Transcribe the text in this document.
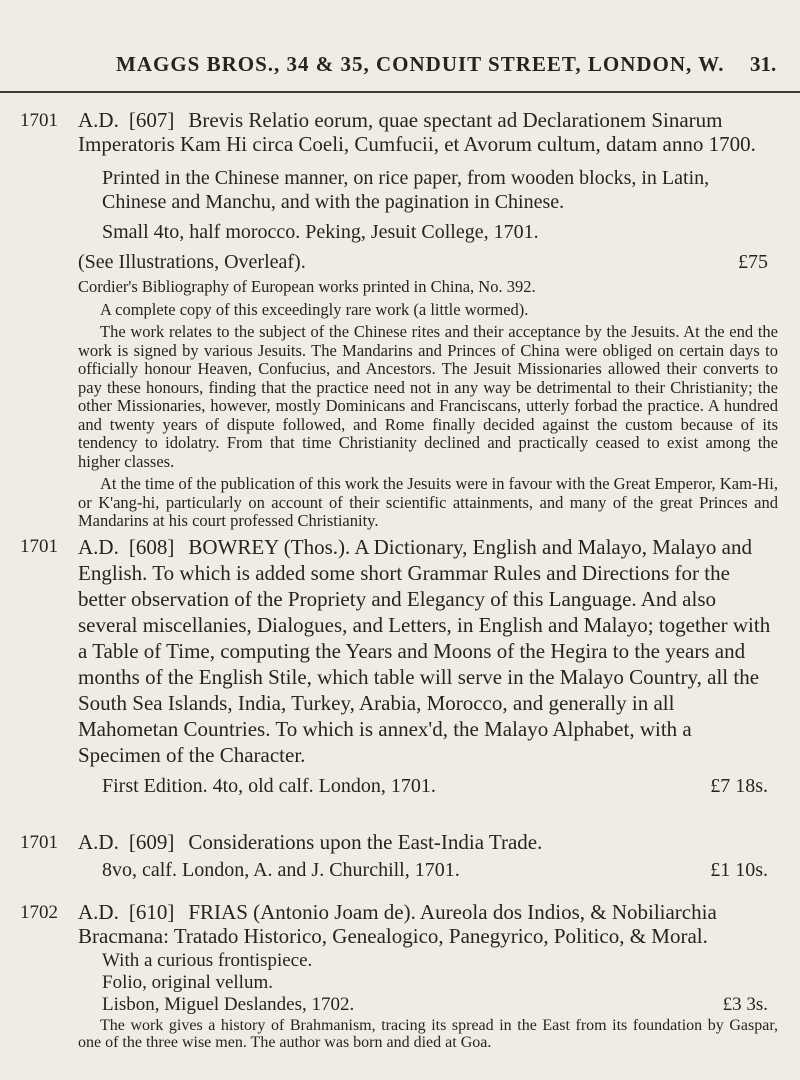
MAGGS BROS., 34 & 35, CONDUIT STREET, LONDON, W. 31.
1701 A.D. [607] Brevis Relatio eorum, quae spectant ad Declarationem Sinarum Imperatoris Kam Hi circa Coeli, Cumfucii, et Avorum cultum, datam anno 1700.

Printed in the Chinese manner, on rice paper, from wooden blocks, in Latin, Chinese and Manchu, and with the pagination in Chinese.

Small 4to, half morocco. Peking, Jesuit College, 1701.

(See Illustrations, Overleaf).	£75

Cordier's Bibliography of European works printed in China, No. 392.

A complete copy of this exceedingly rare work (a little wormed).

The work relates to the subject of the Chinese rites and their acceptance by the Jesuits. At the end the work is signed by various Jesuits. The Mandarins and Princes of China were obliged on certain days to officially honour Heaven, Confucius, and Ancestors. The Jesuit Missionaries allowed their converts to pay these honours, finding that the practice need not in any way be detrimental to their Christianity; the other Missionaries, however, mostly Dominicans and Franciscans, utterly forbad the practice. A hundred and twenty years of dispute followed, and Rome finally decided against the custom because of its tendency to idolatry. From that time Christianity declined and practically ceased to exist among the higher classes.

At the time of the publication of this work the Jesuits were in favour with the Great Emperor, Kam-Hi, or K'ang-hi, particularly on account of their scientific attainments, and many of the great Princes and Mandarins at his court professed Christianity.

1701 A.D. [608] BOWREY (Thos.). A Dictionary, English and Malayo, Malayo and English. To which is added some short Grammar Rules and Directions for the better observation of the Propriety and Elegancy of this Language. And also several miscellanies, Dialogues, and Letters, in English and Malayo; together with a Table of Time, computing the Years and Moons of the Hegira to the years and months of the English Stile, which table will serve in the Malayo Country, all the South Sea Islands, India, Turkey, Arabia, Morocco, and generally in all Mahometan Countries. To which is annex'd, the Malayo Alphabet, with a Specimen of the Character.

First Edition. 4to, old calf. London, 1701.	£7 18s.

1701 A.D. [609] Considerations upon the East-India Trade.

8vo, calf. London, A. and J. Churchill, 1701.	£1 10s.

1702 A.D. [610] FRIAS (Antonio Joam de). Aureola dos Indios, & Nobiliarchia Bracmana: Tratado Historico, Genealogico, Panegyrico, Politico, & Moral.

With a curious frontispiece.

Folio, original vellum.

Lisbon, Miguel Deslandes, 1702.	£3 3s.

The work gives a history of Brahmanism, tracing its spread in the East from its foundation by Gaspar, one of the three wise men. The author was born and died at Goa.
